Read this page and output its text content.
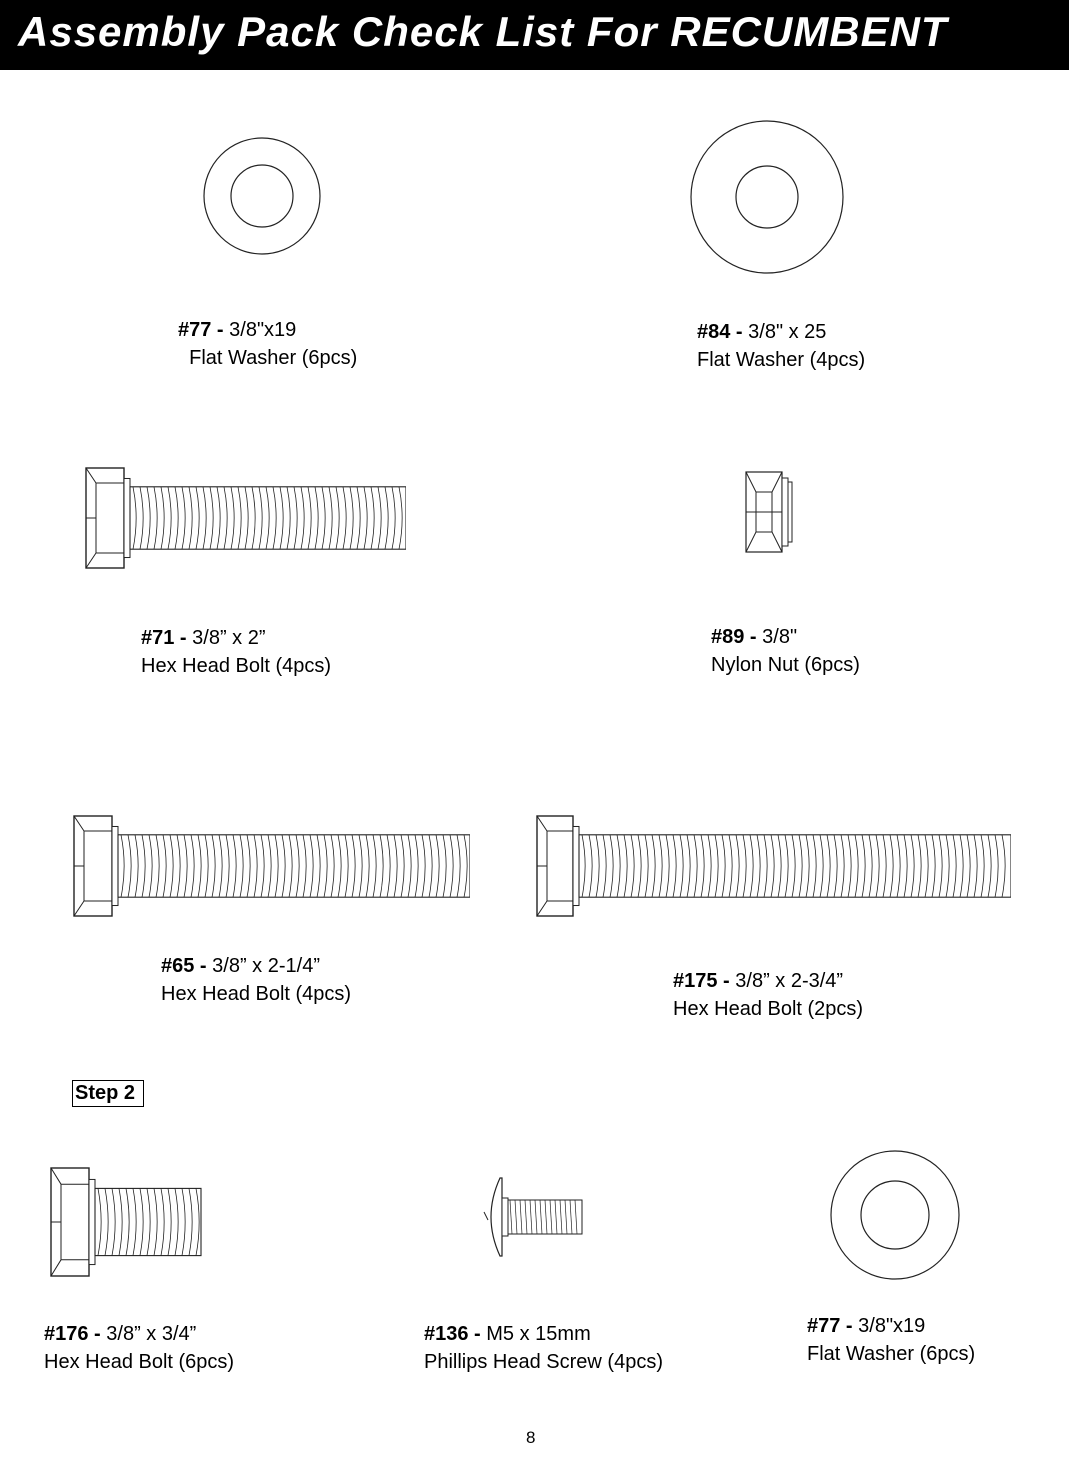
Assembly Pack Check List For RECUMBENT
#77 - 3/8"x19
Flat Washer (6pcs)
#84 - 3/8" x 25
Flat Washer (4pcs)
#71 - 3/8” x 2”
Hex Head Bolt (4pcs)
#89 - 3/8"
Nylon Nut (6pcs)
#65 - 3/8” x 2-1/4”
Hex Head Bolt (4pcs)
#175 - 3/8” x 2-3/4”
Hex Head Bolt (2pcs)
Step 2
#176 - 3/8” x 3/4”
Hex Head Bolt (6pcs)
#136 - M5 x 15mm
Phillips Head Screw (4pcs)
#77 - 3/8"x19
Flat Washer (6pcs)
8
